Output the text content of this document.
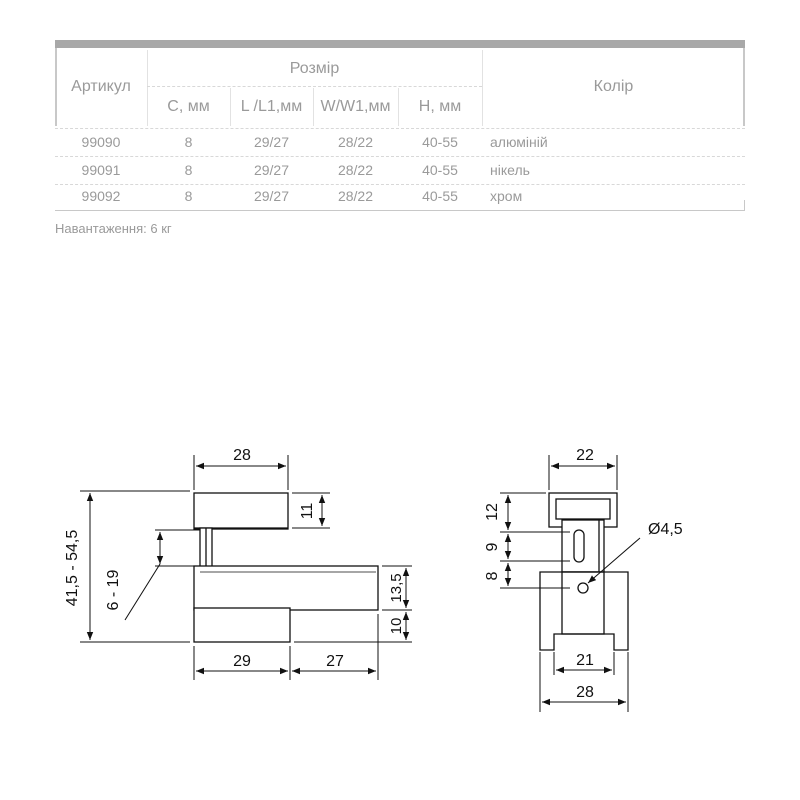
Артикул
Розмір
Колір
C, мм	L /L1,мм	W/W1,мм	H, мм
99090	8	29/27	28/22	40-55	алюміній
99091	8	29/27	28/22	40-55	нікель
99092	8	29/27	28/22	40-55	хром
Навантаження: 6 кг
28
41,5 - 54,5 6 - 19
11
13,5
10
29	27
22
12
9
8
Ø4,5
21
28
